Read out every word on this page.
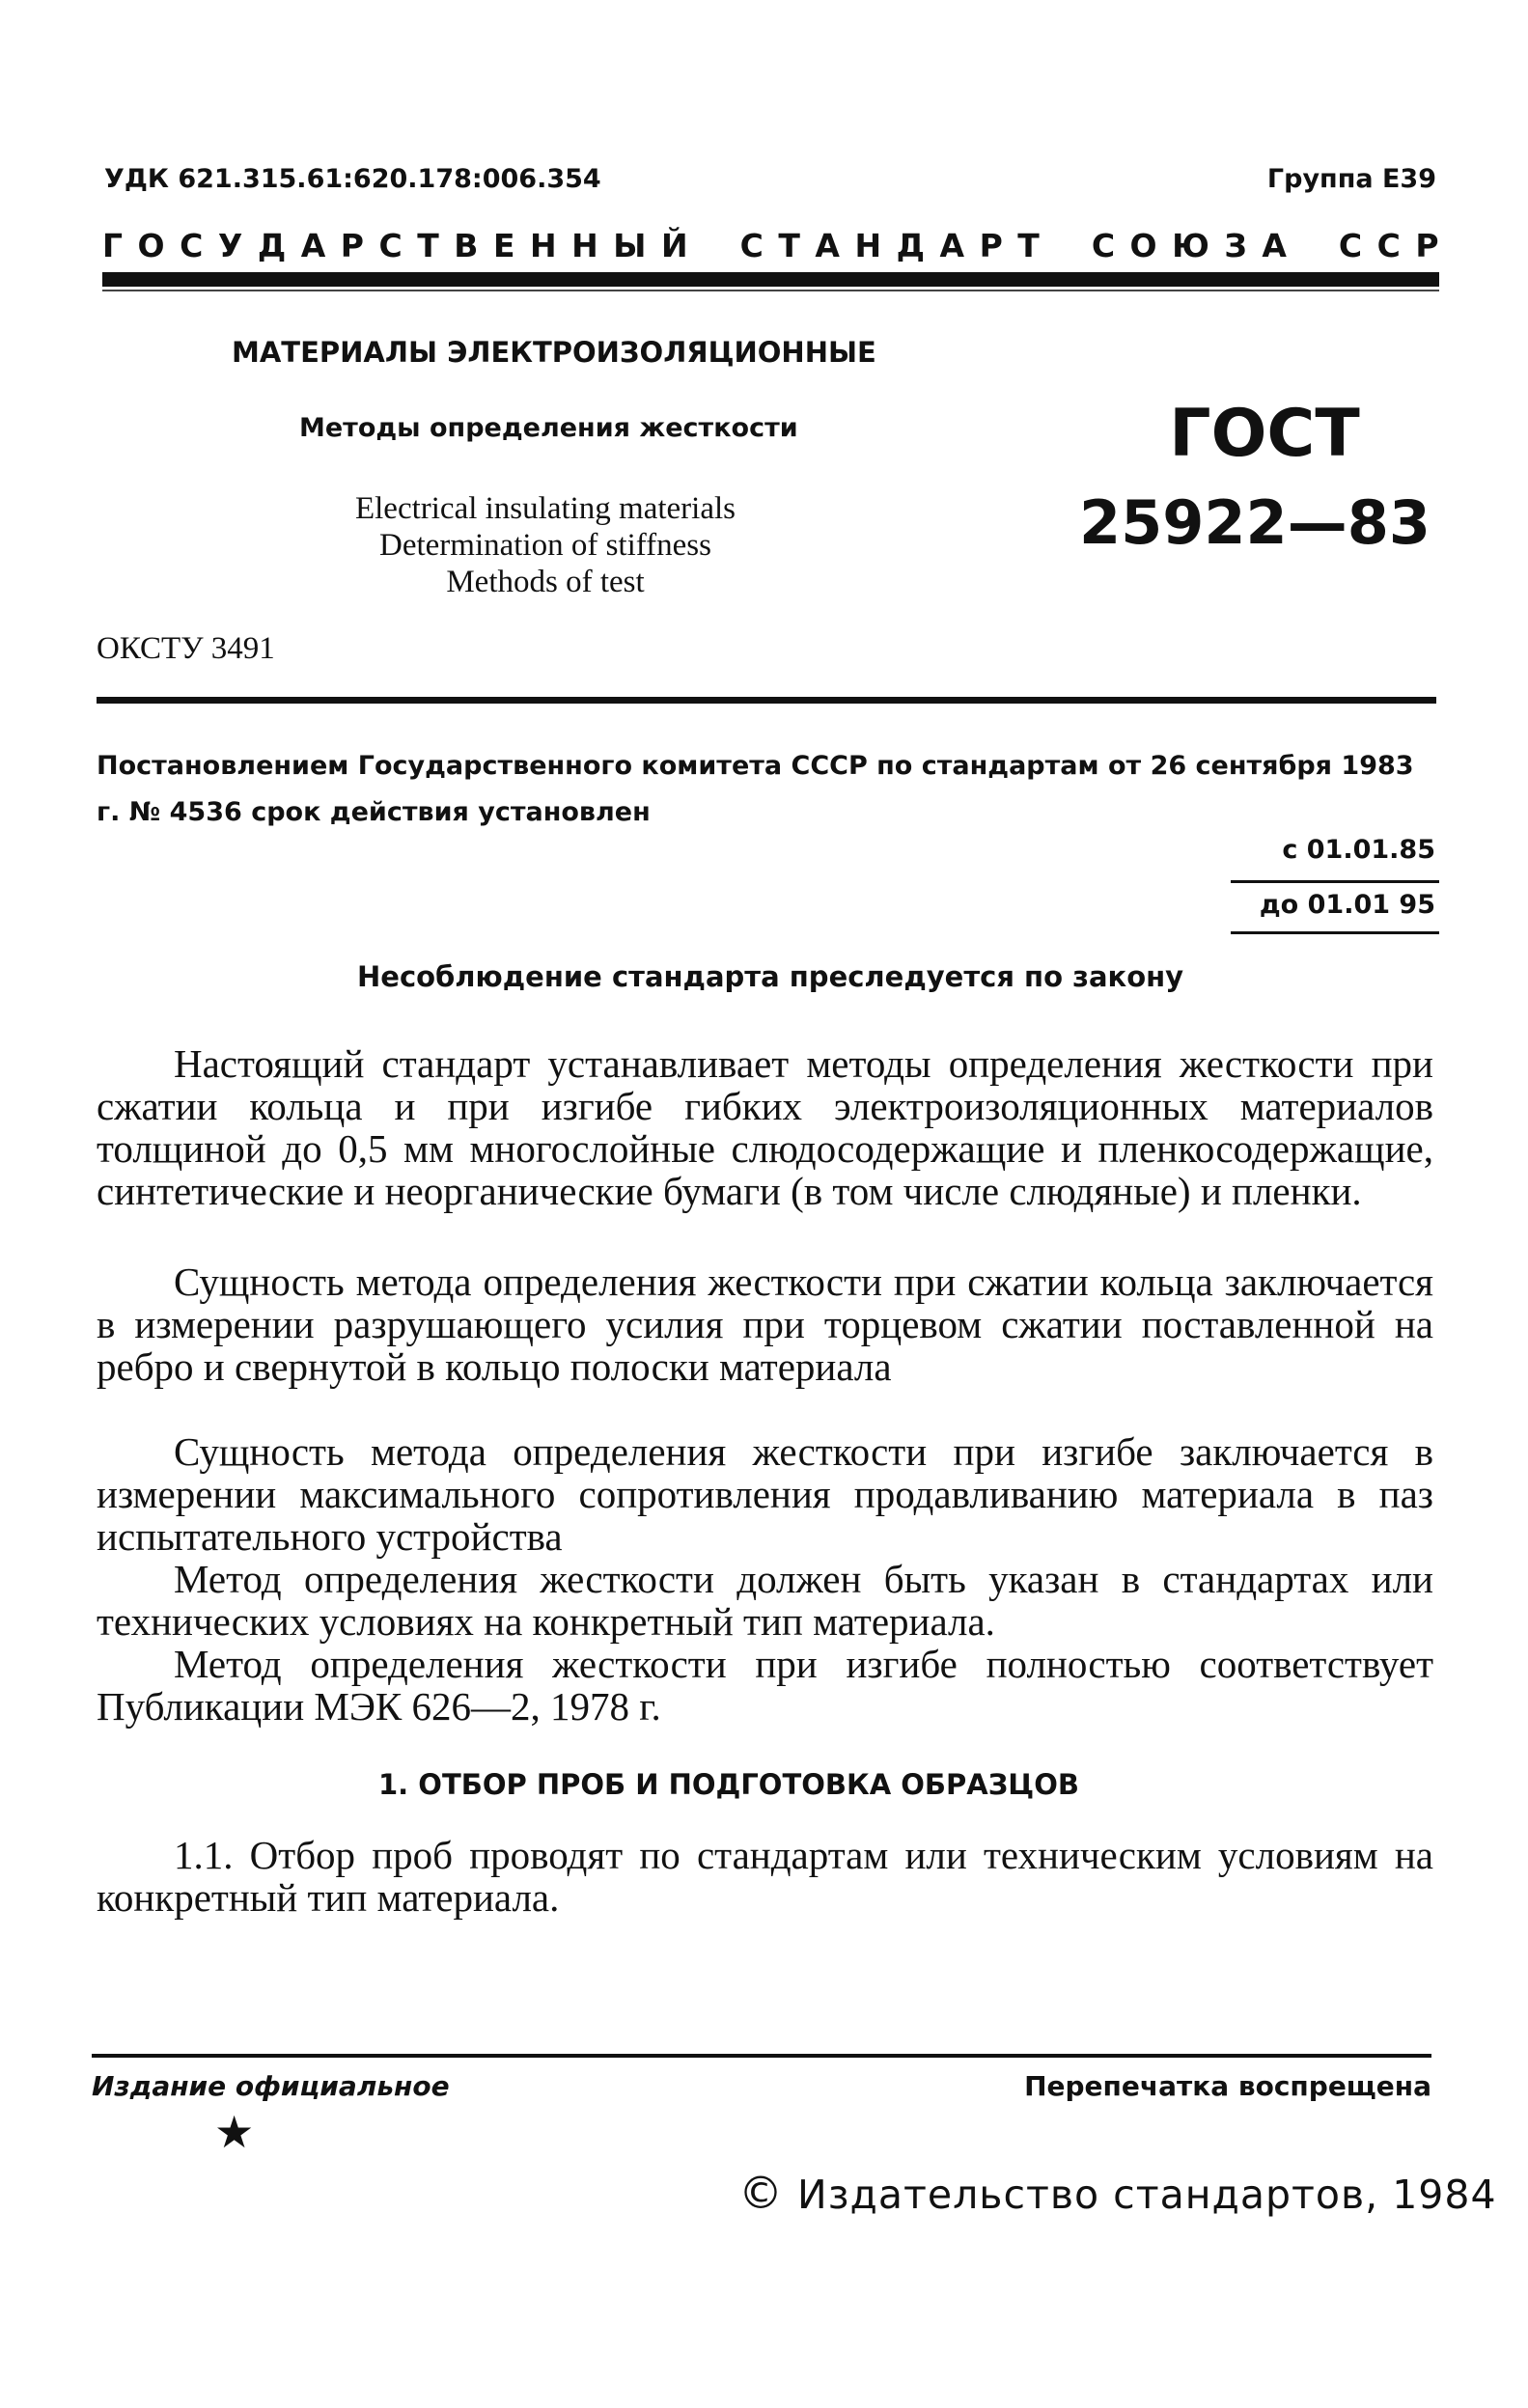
УДК 621.315.61:620.178:006.354	Группа Е39
Г О С У Д А Р С Т В Е Н Н Ы Й
С Т А Н Д А Р Т
С О Ю З А
С С Р
МАТЕРИАЛЫ ЭЛЕКТРОИЗОЛЯЦИОННЫЕ
Методы определения жесткости
Electrical insulating materials
Determination of stiffness
Methods of test
ГОСТ
25922—83
ОКСТУ 3491
Постановлением Государственного комитета СССР по стандартам от 26 сентября 1983 г. № 4536 срок действия установлен
с 01.01.85
до 01.01 95
Несоблюдение стандарта преследуется по закону

Настоящий стандарт устанавливает методы определения жесткости при сжатии кольца и при изгибе гибких электроизоляционных материалов толщиной до 0,5 мм многослойные слюдосодержащие и пленкосодержащие, синтетические и неорганические бумаги (в том числе слюдяные) и пленки.

Сущность метода определения жесткости при сжатии кольца заключается в измерении разрушающего усилия при торцевом сжатии поставленной на ребро и свернутой в кольцо полоски материала

Сущность метода определения жесткости при изгибе заключается в измерении максимального сопротивления продавливанию материала в паз испытательного устройства

Метод определения жесткости должен быть указан в стандартах или технических условиях на конкретный тип материала.

Метод определения жесткости при изгибе полностью соответствует Публикации МЭК 626—2, 1978 г.

1. ОТБОР ПРОБ И ПОДГОТОВКА ОБРАЗЦОВ

1.1. Отбор проб проводят по стандартам или техническим условиям на конкретный тип материала.

Издание официальное	Перепечатка воспрещена
★
© Издательство стандартов, 1984
